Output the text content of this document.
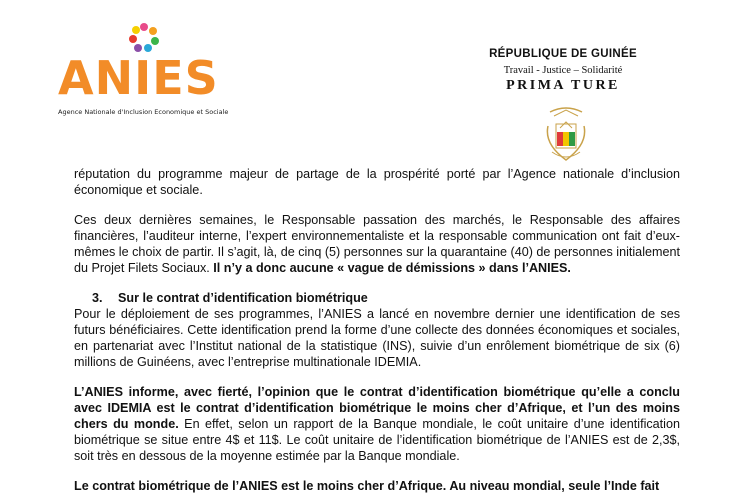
ANIES
Agence Nationale d'Inclusion Economique et Sociale
RÉPUBLIQUE DE GUINÉE
Travail - Justice – Solidarité
PRIMA TURE

réputation du programme majeur de partage de la prospérité porté par l’Agence nationale d’inclusion économique et sociale.

Ces deux dernières semaines, le Responsable passation des marchés, le Responsable des affaires financières, l’auditeur interne, l’expert environnementaliste et la responsable communication ont fait d’eux-mêmes le choix de partir. Il s’agit, là, de cinq (5) personnes sur la quarantaine (40) de personnes initialement du Projet Filets Sociaux. Il n’y a donc aucune « vague de démissions » dans l’ANIES.

3. Sur le contrat d’identification biométrique

Pour le déploiement de ses programmes, l’ANIES a lancé en novembre dernier une identification de ses futurs bénéficiaires. Cette identification prend la forme d’une collecte des données économiques et sociales, en partenariat avec l’Institut national de la statistique (INS), suivie d’un enrôlement biométrique de six (6) millions de Guinéens, avec l’entreprise multinationale IDEMIA.

L’ANIES informe, avec fierté, l’opinion que le contrat d’identification biométrique qu’elle a conclu avec IDEMIA est le contrat d’identification biométrique le moins cher d’Afrique, et l’un des moins chers du monde. En effet, selon un rapport de la Banque mondiale, le coût unitaire d’une identification biométrique se situe entre 4$ et 11$. Le coût unitaire de l’identification biométrique de l’ANIES est de 2,3$, soit très en dessous de la moyenne estimée par la Banque mondiale.

Le contrat biométrique de l’ANIES est le moins cher d’Afrique. Au niveau mondial, seule l’Inde fait
